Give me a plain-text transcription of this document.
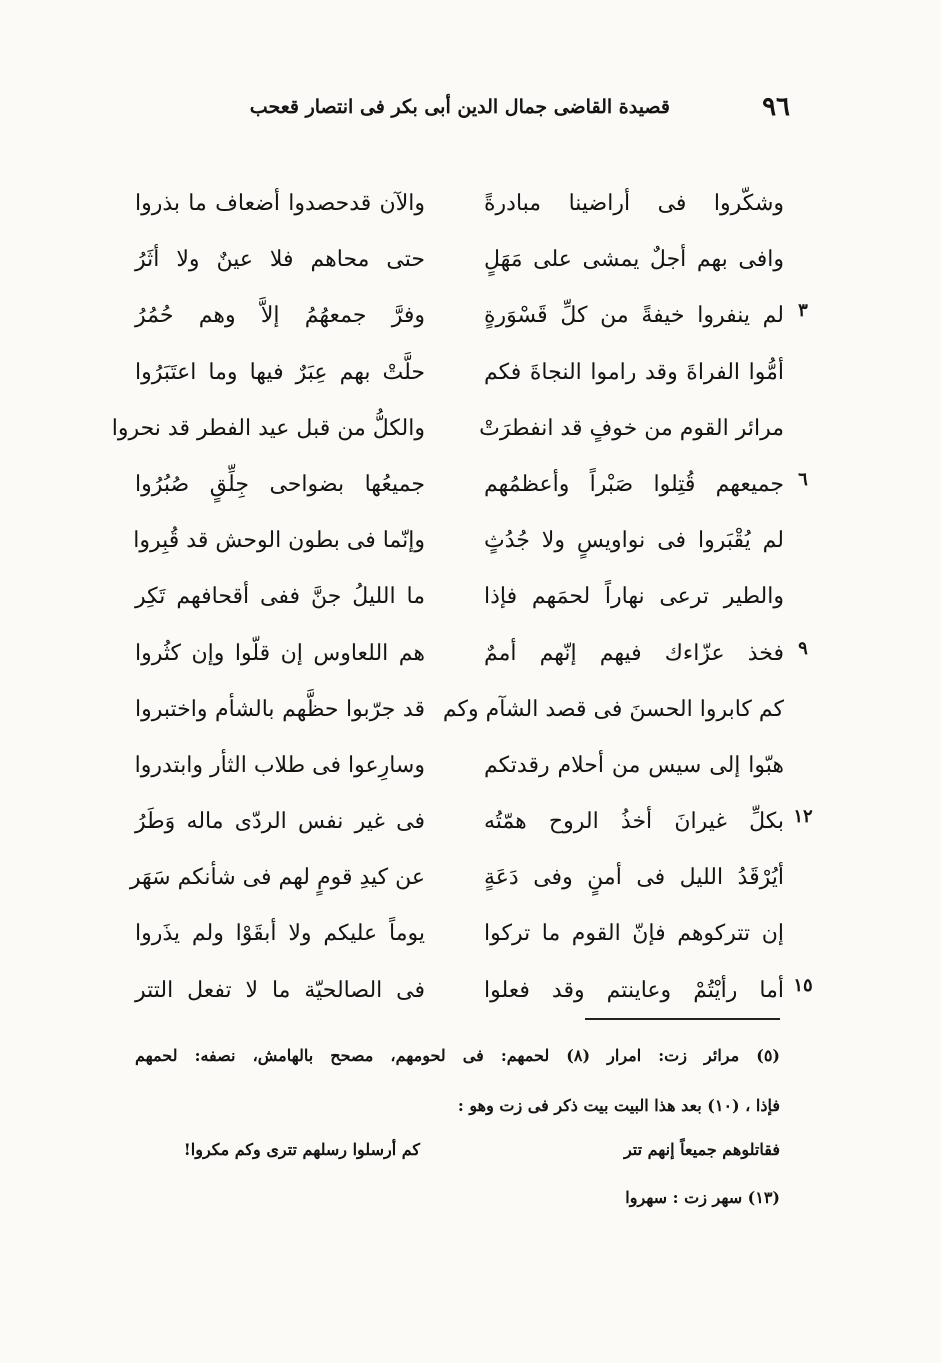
٩٦
قصيدة القاضى جمال الدين أبى بكر فى انتصار قعحب
وشكّروا فى أراضينا مبادرةً
والآن قدحصدوا أضعاف ما بذروا
وافى بهم أجلٌ يمشى على مَهَلٍ
حتى محاهم فلا عينٌ ولا أثَرُ
٣
لم ينفروا خيفةً من كلِّ قَسْوَرةٍ
وفرَّ جمعهُمُ إلاَّ وهم حُمُرُ
أمُّوا الفراةَ وقد راموا النجاةَ فكم
حلَّتْ بهم عِبَرٌ فيها وما اعتَبَرُوا
مرائر القوم من خوفٍ قد انفطرَتْ
والكلُّ من قبل عيد الفطر قد نحروا
٦
جميعهم قُتِلوا صَبْراً وأعظمُهم
جميعُها بضواحى جِلِّقٍ صُبُرُوا
لم يُقْبَروا فى نواويسٍ ولا جُدُثٍ
وإنّما فى بطون الوحش قد قُبِروا
والطير ترعى نهاراً لحمَهم فإذا
ما الليلُ جنَّ ففى أقحافهم تَكِر
٩
فخذ عزّاءك فيهم إنّهم أممٌ
هم اللعاوس إن قلّوا وإن كثُروا
كم كابروا الحسنَ فى قصد الشآم وكم
قد جرّبوا حظَّهم بالشأم واختبروا
هبّوا إلى سيس من أحلام رقدتكم
وسارِعوا فى طلاب الثأر وابتدروا
١٢
بكلِّ غيرانَ أخذُ الروح همّتُه
فى غير نفس الردّى ماله وَطَرُ
أيُرْقَدُ الليل فى أمنٍ وفى دَعَةٍ
عن كيدِ قومٍ لهم فى شأنكم سَهَر
إن تتركوهم فإنّ القوم ما تركوا
يوماً عليكم ولا أبقَوْا ولم يذَروا
١٥
أما رأيْتُمْ وعاينتم وقد فعلوا
فى الصالحيّة ما لا تفعل التتر
(٥) مرائر زت: امرار (٨) لحمهم: فى لحومهم، مصحح بالهامش، نصفه: لحمهم
فإذا ، (١٠) بعد هذا البيت بيت ذكر فى زت وهو :
فقاتلوهم جميعاً إنهم تتر
كم أرسلوا رسلهم تترى وكم مكروا!
(١٣) سهر زت : سهروا
